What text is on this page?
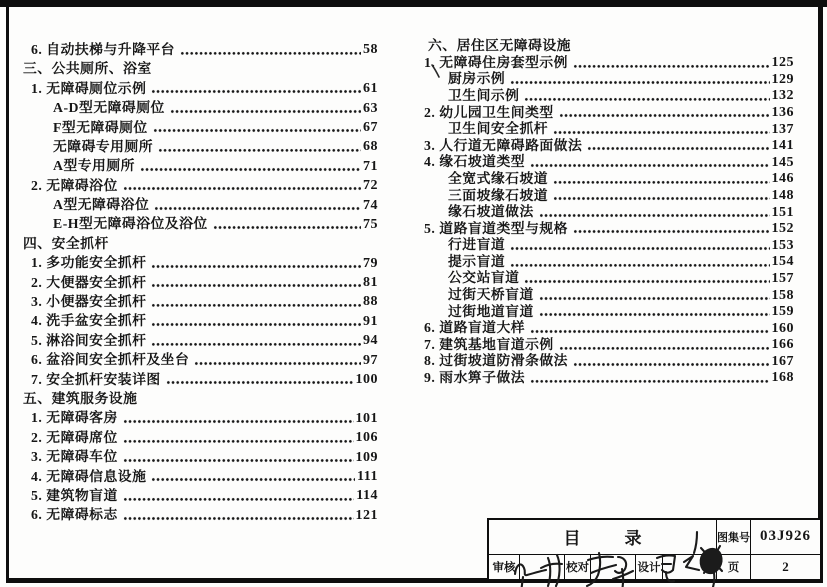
6. 自动扶梯与升降平台	58
三、公共厕所、浴室
1. 无障碍厕位示例	61
A-D型无障碍厕位	63
F型无障碍厕位	67
无障碍专用厕所	68
A型专用厕所	71
2. 无障碍浴位	72
A型无障碍浴位	74
E-H型无障碍浴位及浴位	75
四、安全抓杆
1. 多功能安全抓杆	79
2. 大便器安全抓杆	81
3. 小便器安全抓杆	88
4. 洗手盆安全抓杆	91
5. 淋浴间安全抓杆	94
6. 盆浴间安全抓杆及坐台	97
7. 安全抓杆安装详图	100
五、建筑服务设施
1. 无障碍客房	101
2. 无障碍席位	106
3. 无障碍车位	109
4. 无障碍信息设施	111
5. 建筑物盲道	114
6. 无障碍标志	121
六、居住区无障碍设施
1. 无障碍住房套型示例	125
厨房示例	129
卫生间示例	132
2. 幼儿园卫生间类型	136
卫生间安全抓杆	137
3. 人行道无障碍路面做法	141
4. 缘石坡道类型	145
全宽式缘石坡道	146
三面坡缘石坡道	148
缘石坡道做法	151
5. 道路盲道类型与规格	152
行进盲道	153
提示盲道	154
公交站盲道	157
过街天桥盲道	158
过街地道盲道	159
6. 道路盲道大样	160
7. 建筑基地盲道示例	166
8. 过街坡道防滑条做法	167
9. 雨水箅子做法	168
目录	图集号 03J926
审核	校对	设计	页	2
